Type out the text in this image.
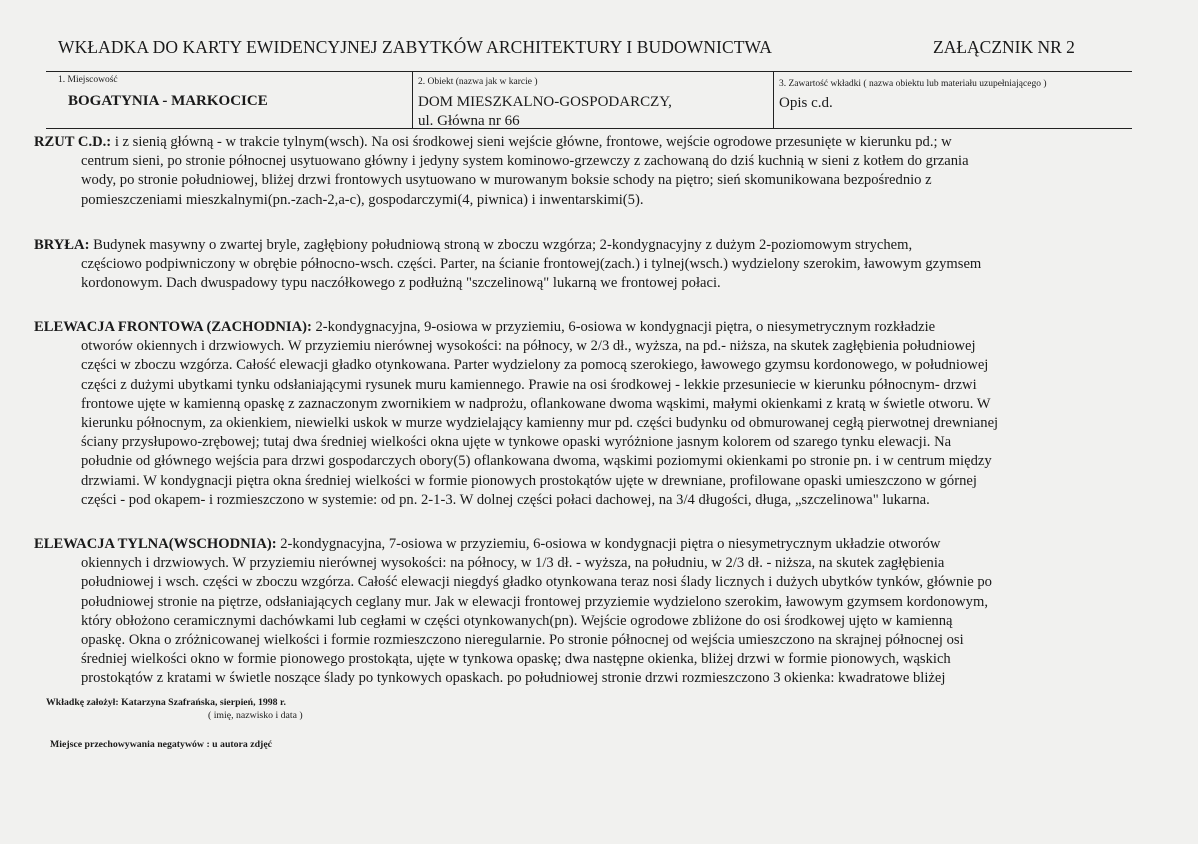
WKŁADKA DO KARTY EWIDENCYJNEJ ZABYTKÓW ARCHITEKTURY I BUDOWNICTWA	ZAŁĄCZNIK NR 2
1. Miejscowość
BOGATYNIA - MARKOCICE
2. Obiekt (nazwa jak w karcie )
DOM MIESZKALNO-GOSPODARCZY,
ul. Główna nr 66
3. Zawartość wkładki ( nazwa obiektu lub materiału uzupełniającego )
Opis c.d.
RZUT C.D.: i z sienią główną - w trakcie tylnym(wsch). Na osi środkowej sieni wejście główne, frontowe, wejście ogrodowe przesunięte w kierunku pd.; w
centrum sieni, po stronie północnej usytuowano główny i jedyny system kominowo-grzewczy z zachowaną do dziś kuchnią w sieni z kotłem do grzania
wody, po stronie południowej, bliżej drzwi frontowych usytuowano w murowanym boksie schody na piętro; sień skomunikowana bezpośrednio z
pomieszczeniami mieszkalnymi(pn.-zach-2,a-c), gospodarczymi(4, piwnica) i inwentarskimi(5).
BRYŁA: Budynek masywny o zwartej bryle, zagłębiony południową stroną w zboczu wzgórza; 2-kondygnacyjny z dużym 2-poziomowym strychem,
częściowo podpiwniczony w obrębie północno-wsch. części. Parter, na ścianie frontowej(zach.) i tylnej(wsch.) wydzielony szerokim, ławowym gzymsem
kordonowym. Dach dwuspadowy typu naczółkowego z podłużną "szczelinową" lukarną we frontowej połaci.
ELEWACJA FRONTOWA (ZACHODNIA): 2-kondygnacyjna, 9-osiowa w przyziemiu, 6-osiowa w kondygnacji piętra, o niesymetrycznym rozkładzie
otworów okiennych i drzwiowych. W przyziemiu nierównej wysokości: na północy, w 2/3 dł., wyższa, na pd.- niższa, na skutek zagłębienia południowej
części w zboczu wzgórza. Całość elewacji gładko otynkowana. Parter wydzielony za pomocą szerokiego, ławowego gzymsu kordonowego, w południowej
części z dużymi ubytkami tynku odsłaniającymi rysunek muru kamiennego. Prawie na osi środkowej - lekkie przesuniecie w kierunku północnym- drzwi
frontowe ujęte w kamienną opaskę z zaznaczonym zwornikiem w nadprożu, oflankowane dwoma wąskimi, małymi okienkami z kratą w świetle otworu. W
kierunku północnym, za okienkiem, niewielki uskok w murze wydzielający kamienny mur pd. części budynku od obmurowanej cegłą pierwotnej drewnianej
ściany przysłupowo-zrębowej; tutaj dwa średniej wielkości okna ujęte w tynkowe opaski wyróżnione jasnym kolorem od szarego tynku elewacji. Na
południe od głównego wejścia para drzwi gospodarczych obory(5) oflankowana dwoma, wąskimi poziomymi okienkami po stronie pn. i w centrum między
drzwiami. W kondygnacji piętra okna średniej wielkości w formie pionowych prostokątów ujęte w drewniane, profilowane opaski umieszczono w górnej
części - pod okapem- i rozmieszczono w systemie: od pn. 2-1-3. W dolnej części połaci dachowej, na 3/4 długości, długa, „szczelinowa" lukarna.
ELEWACJA TYLNA(WSCHODNIA): 2-kondygnacyjna, 7-osiowa w przyziemiu, 6-osiowa w kondygnacji piętra o niesymetrycznym układzie otworów
okiennych i drzwiowych. W przyziemiu nierównej wysokości: na północy, w 1/3 dł. - wyższa, na południu, w 2/3 dł. - niższa, na skutek zagłębienia
południowej i wsch. części w zboczu wzgórza. Całość elewacji niegdyś gładko otynkowana teraz nosi ślady licznych i dużych ubytków tynków, głównie po
południowej stronie na piętrze, odsłaniających ceglany mur. Jak w elewacji frontowej przyziemie wydzielono szerokim, ławowym gzymsem kordonowym,
który obłożono ceramicznymi dachówkami lub cegłami w części otynkowanych(pn). Wejście ogrodowe zbliżone do osi środkowej ujęto w kamienną
opaskę. Okna o zróżnicowanej wielkości i formie rozmieszczono nieregularnie. Po stronie północnej od wejścia umieszczono na skrajnej północnej osi
średniej wielkości okno w formie pionowego prostokąta, ujęte w tynkowa opaskę; dwa następne okienka, bliżej drzwi w formie pionowych, wąskich
prostokątów z kratami w świetle noszące ślady po tynkowych opaskach. po południowej stronie drzwi rozmieszczono 3 okienka: kwadratowe bliżej
Wkładkę założył: Katarzyna Szafrańska, sierpień, 1998 r.
( imię, nazwisko i data )
Miejsce przechowywania negatywów : u autora zdjęć
